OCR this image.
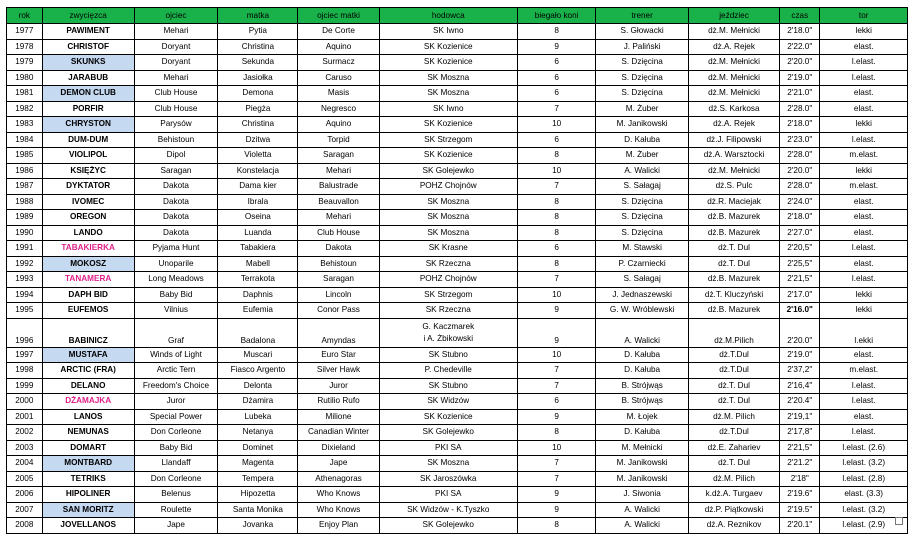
rok	zwycięzca	ojciec	matka	ojciec matki	hodowca	biegało koni	trener	jeździec	czas	tor
1977	PAWIMENT	Mehari	Pytia	De Corte	SK Iwno	8	S. Głowacki	dż.M. Mełnicki	2'18.0"	lekki
1978	CHRISTOF	Doryant	Christina	Aquino	SK Kozienice	9	J. Paliński	dż.A. Rejek	2'22.0"	elast.
1979	SKUNKS	Doryant	Sekunda	Surmacz	SK Kozienice	6	S. Dzięcina	dż.M. Mełnicki	2'20.0"	l.elast.
1980	JARABUB	Mehari	Jasiołka	Caruso	SK Moszna	6	S. Dzięcina	dż.M. Mełnicki	2'19.0"	l.elast.
1981	DEMON CLUB	Club House	Demona	Masis	SK Moszna	6	S. Dzięcina	dż.M. Mełnicki	2'21.0"	elast.
1982	PORFIR	Club House	Piegża	Negresco	SK Iwno	7	M. Żuber	dż.S. Karkosa	2'28.0"	elast.
1983	CHRYSTON	Parysów	Christina	Aquino	SK Kozienice	10	M. Janikowski	dż.A. Rejek	2'18.0"	lekki
1984	DUM-DUM	Behistoun	Dzitwa	Torpid	SK Strzegom	6	D. Kałuba	dż.J. Filipowski	2'23.0"	l.elast.
1985	VIOLIPOL	Dipol	Violetta	Saragan	SK Kozienice	8	M. Żuber	dż.A. Warsztocki	2'28.0"	m.elast.
1986	KSIĘŻYC	Saragan	Konstelacja	Mehari	SK Golejewko	10	A. Walicki	dż.M. Mełnicki	2'20.0"	lekki
1987	DYKTATOR	Dakota	Dama kier	Balustrade	POHZ Chojnów	7	S. Sałagaj	dż.S. Pulc	2'28.0"	m.elast.
1988	IVOMEC	Dakota	Ibrala	Beauvallon	SK Moszna	8	S. Dzięcina	dż.R. Maciejak	2'24.0"	elast.
1989	OREGON	Dakota	Oseina	Mehari	SK Moszna	8	S. Dzięcina	dż.B. Mazurek	2'18.0"	elast.
1990	LANDO	Dakota	Luanda	Club House	SK Moszna	8	S. Dzięcina	dż.B. Mazurek	2'27.0"	elast.
1991	TABAKIERKA	Pyjama Hunt	Tabakiera	Dakota	SK Krasne	6	M. Stawski	dż.T. Dul	2'20,5"	l.elast.
1992	MOKOSZ	Unoparile	Mabell	Behistoun	SK Rzeczna	8	P. Czarniecki	dż.T. Dul	2'25,5"	elast.
1993	TANAMERA	Long Meadows	Terrakota	Saragan	POHZ Chojnów	7	S. Sałagaj	dż.B. Mazurek	2'21,5"	l.elast.
1994	DAPH BID	Baby Bid	Daphnis	Lincoln	SK Strzegom	10	J. Jednaszewski	dż.T. Kluczyński	2'17.0"	lekki
1995	EUFEMOS	Vilnius	Eufemia	Conor Pass	SK Rzeczna	9	G. W. Wróblewski	dż.B. Mazurek	2'16.0"	lekki
1996	BABINICZ	Graf	Badalona	Amyndas	G. Kaczmarek
i A. Żbikowski	9	A. Walicki	dż.M.Pilich	2'20.0"	l.ekki
1997	MUSTAFA	Winds of Light	Muscari	Euro Star	SK Stubno	10	D. Kałuba	dż.T.Dul	2'19.0"	elast.
1998	ARCTIC (FRA)	Arctic Tern	Fiasco Argento	Silver Hawk	P. Chedeville	7	D. Kałuba	dż.T.Dul	2'37,2"	m.elast.
1999	DELANO	Freedom's Choice	Delonta	Juror	SK Stubno	7	B. Strójwąs	dż.T. Dul	2'16,4"	l.elast.
2000	DŻAMAJKA	Juror	Dżamira	Rutilio Rufo	SK Widzów	6	B. Strójwąs	dż.T. Dul	2'20.4"	l.elast.
2001	LANOS	Special Power	Lubeka	Milione	SK Kozienice	9	M. Łojek	dż.M. Pilich	2'19,1"	elast.
2002	NEMUNAS	Don Corleone	Netanya	Canadian Winter	SK Golejewko	8	D. Kałuba	dż.T.Dul	2'17,8"	l.elast.
2003	DOMART	Baby Bid	Dominet	Dixieland	PKI SA	10	M. Mełnicki	dż.E. Zahariev	2'21,5"	l.elast. (2.6)
2004	MONTBARD	Llandaff	Magenta	Jape	SK Moszna	7	M. Janikowski	dż.T. Dul	2'21.2"	l.elast. (3.2)
2005	TETRIKS	Don Corleone	Tempera	Athenagoras	SK Jaroszówka	7	M. Janikowski	dż.M. Pilich	2'18"	l.elast. (2.8)
2006	HIPOLINER	Belenus	Hipozetta	Who Knows	PKI SA	9	J. Siwonia	k.dż.A. Turgaev	2'19.6"	elast. (3.3)
2007	SAN MORITZ	Roulette	Santa Monika	Who Knows	SK Widzów - K.Tyszko	9	A. Walicki	dż.P. Piątkowski	2'19.5"	l.elast. (3.2)
2008	JOVELLANOS	Jape	Jovanka	Enjoy Plan	SK Golejewko	8	A. Walicki	dż.A. Reznikov	2'20.1"	l.elast. (2.9)
